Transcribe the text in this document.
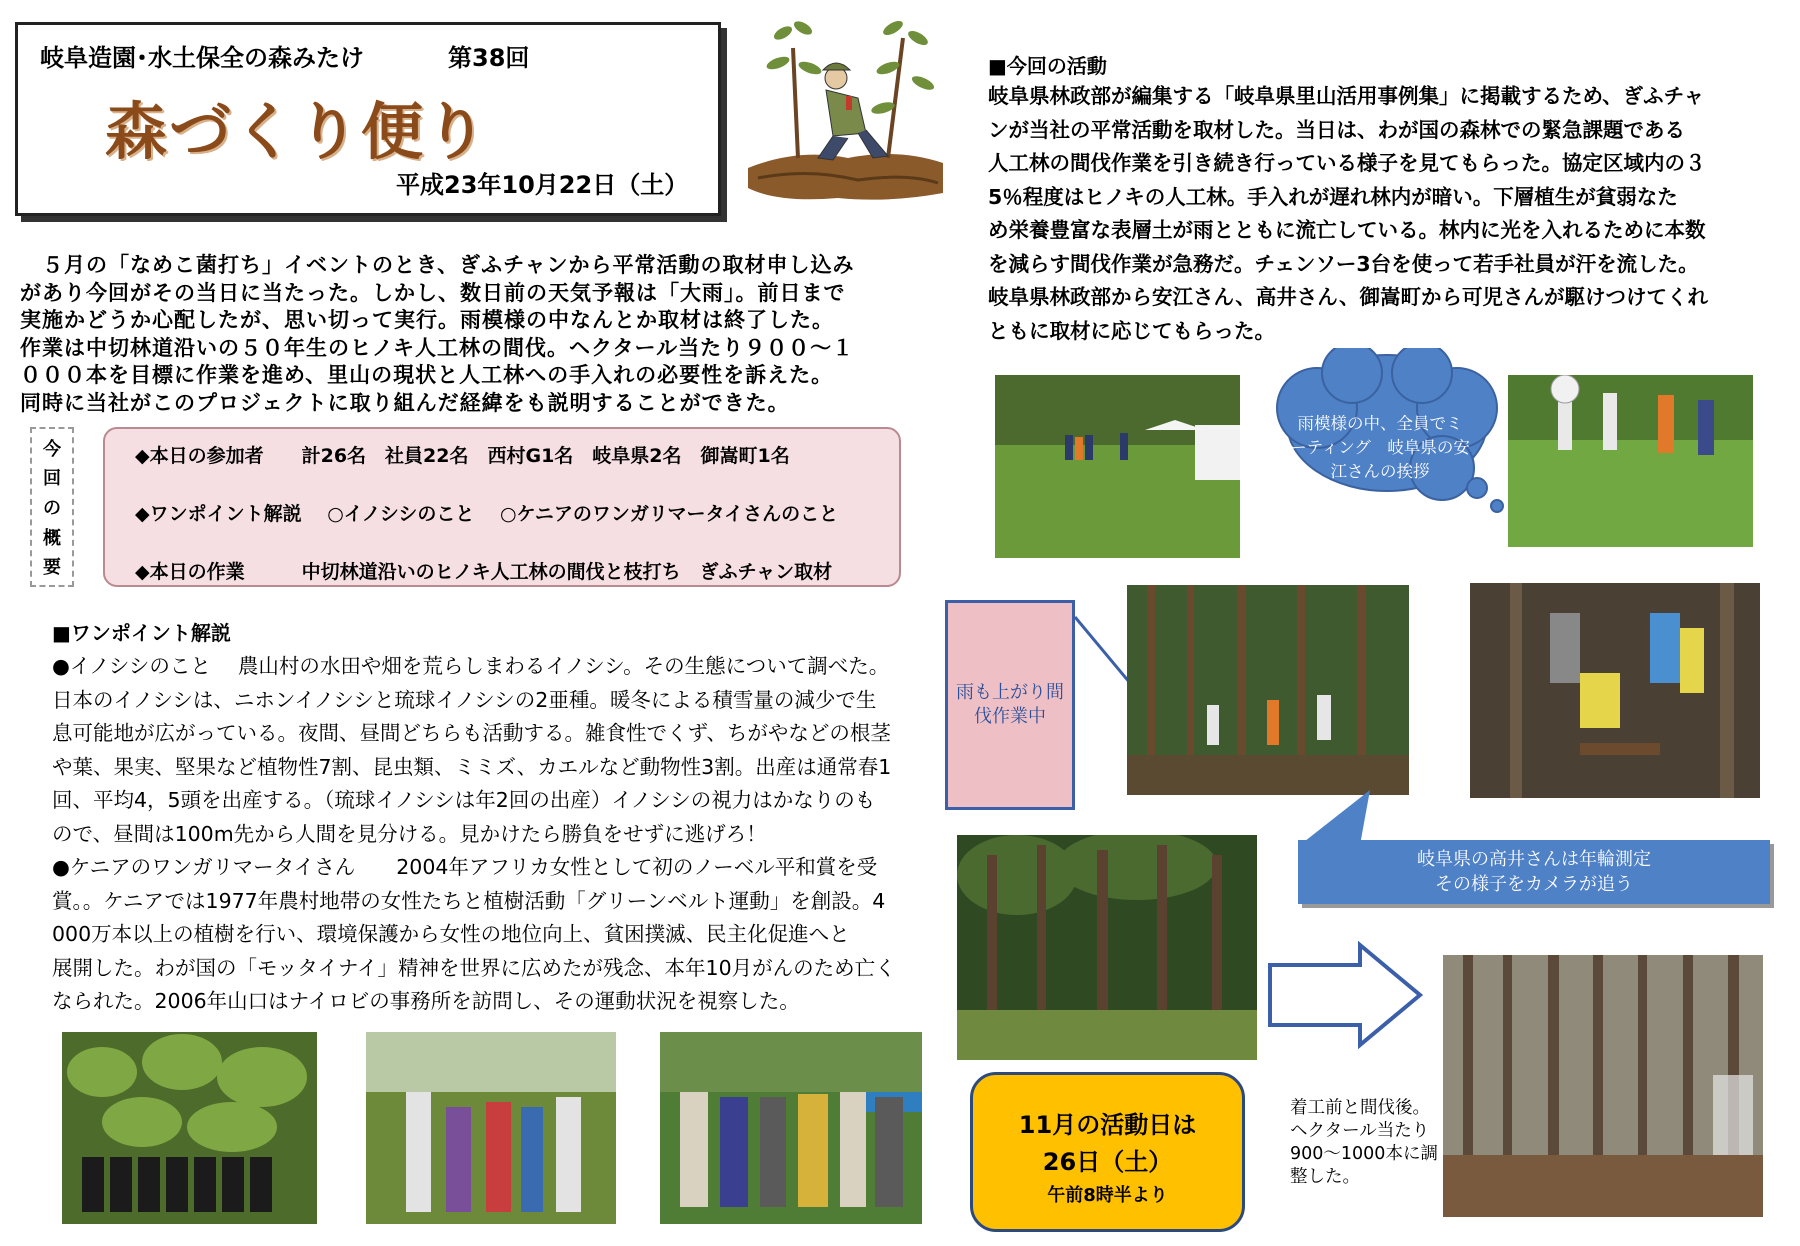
岐阜造園･水土保全の森みたけ	第38回
森づくり便り
平成23年10月22日（土）

　５月の「なめこ菌打ち」イベントのとき、ぎふチャンから平常活動の取材申し込み

があり今回がその当日に当たった。しかし、数日前の天気予報は「大雨」。前日まで

実施かどうか心配したが、思い切って実行。雨模様の中なんとか取材は終了した。

作業は中切林道沿いの５０年生のヒノキ人工林の間伐。ヘクタール当たり９００～１

０００本を目標に作業を進め、里山の現状と人工林への手入れの必要性を訴えた。

同時に当社がこのプロジェクトに取り組んだ経緯をも説明することができた。

今
回
の
概
要
◆本日の参加者　　計26名　社員22名　西村G1名　岐阜県2名　御嵩町1名
◆ワンポイント解説　 ○イノシシのこと　 ○ケニアのワンガリマータイさんのこと
◆本日の作業　　　中切林道沿いのヒノキ人工林の間伐と枝打ち　ぎふチャン取材
■ワンポイント解説

●イノシシのこと　 農山村の水田や畑を荒らしまわるイノシシ。その生態について調べた。

日本のイノシシは、ニホンイノシシと琉球イノシシの2亜種。暖冬による積雪量の減少で生

息可能地が広がっている。夜間、昼間どちらも活動する。雑食性でくず、ちがやなどの根茎

や葉、果実、堅果など植物性7割、昆虫類、ミミズ、カエルなど動物性3割。出産は通常春1

回、平均4，5頭を出産する。（琉球イノシシは年2回の出産）イノシシの視力はかなりのも

ので、昼間は100m先から人間を見分ける。見かけたら勝負をせずに逃げろ！

●ケニアのワンガリマータイさん　　2004年アフリカ女性として初のノーベル平和賞を受

賞。。ケニアでは1977年農村地帯の女性たちと植樹活動「グリーンベルト運動」を創設。4

000万本以上の植樹を行い、環境保護から女性の地位向上、貧困撲滅、民主化促進へと

展開した。わが国の「モッタイナイ」精神を世界に広めたが残念、本年10月がんのため亡く

なられた。2006年山口はナイロビの事務所を訪問し、その運動状況を視察した。

■今回の活動

岐阜県林政部が編集する「岐阜県里山活用事例集」に掲載するため、ぎふチャ

ンが当社の平常活動を取材した。当日は、わが国の森林での緊急課題である

人工林の間伐作業を引き続き行っている様子を見てもらった。協定区域内の３

5％程度はヒノキの人工林。手入れが遅れ林内が暗い。下層植生が貧弱なた

め栄養豊富な表層土が雨とともに流亡している。林内に光を入れるために本数

を減らす間伐作業が急務だ。チェンソー3台を使って若手社員が汗を流した。

岐阜県林政部から安江さん、高井さん、御嵩町から可児さんが駆けつけてくれ

ともに取材に応じてもらった。

雨模様の中、全員でミーティング　岐阜県の安江さんの挨拶
雨も上がり間伐作業中
岐阜県の高井さんは年輪測定
その様子をカメラが追う
着工前と間伐後。ヘクタール当たり900～1000本に調整した。
11月の活動日は
26日（土）
午前8時半より
